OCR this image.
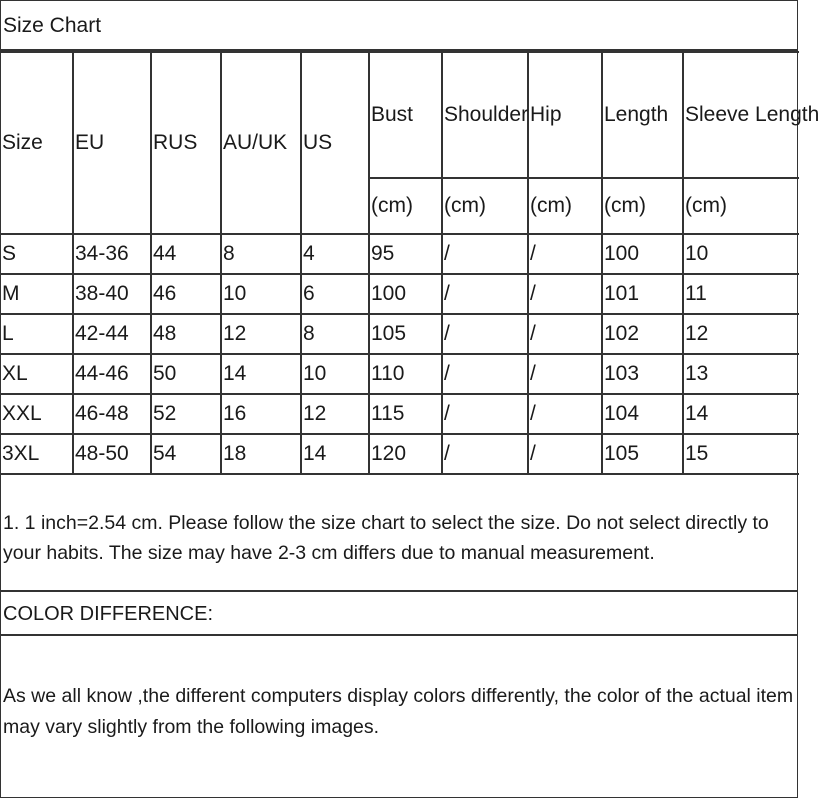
Size Chart
Size	EU	RUS	AU/UK	US	Bust	Shoulder	Hip	Length	Sleeve Length
					(cm)	(cm)	(cm)	(cm)	(cm)
S	34-36	44	8	4	95	/	/	100	10
M	38-40	46	10	6	100	/	/	101	11
L	42-44	48	12	8	105	/	/	102	12
XL	44-46	50	14	10	110	/	/	103	13
XXL	46-48	52	16	12	115	/	/	104	14
3XL	48-50	54	18	14	120	/	/	105	15
1. 1 inch=2.54 cm. Please follow the size chart to select the size. Do not select directly to your habits. The size may have 2-3 cm differs due to manual measurement.
COLOR DIFFERENCE:
As we all know ,the different computers display colors differently, the color of the actual item may vary slightly from the following images.
